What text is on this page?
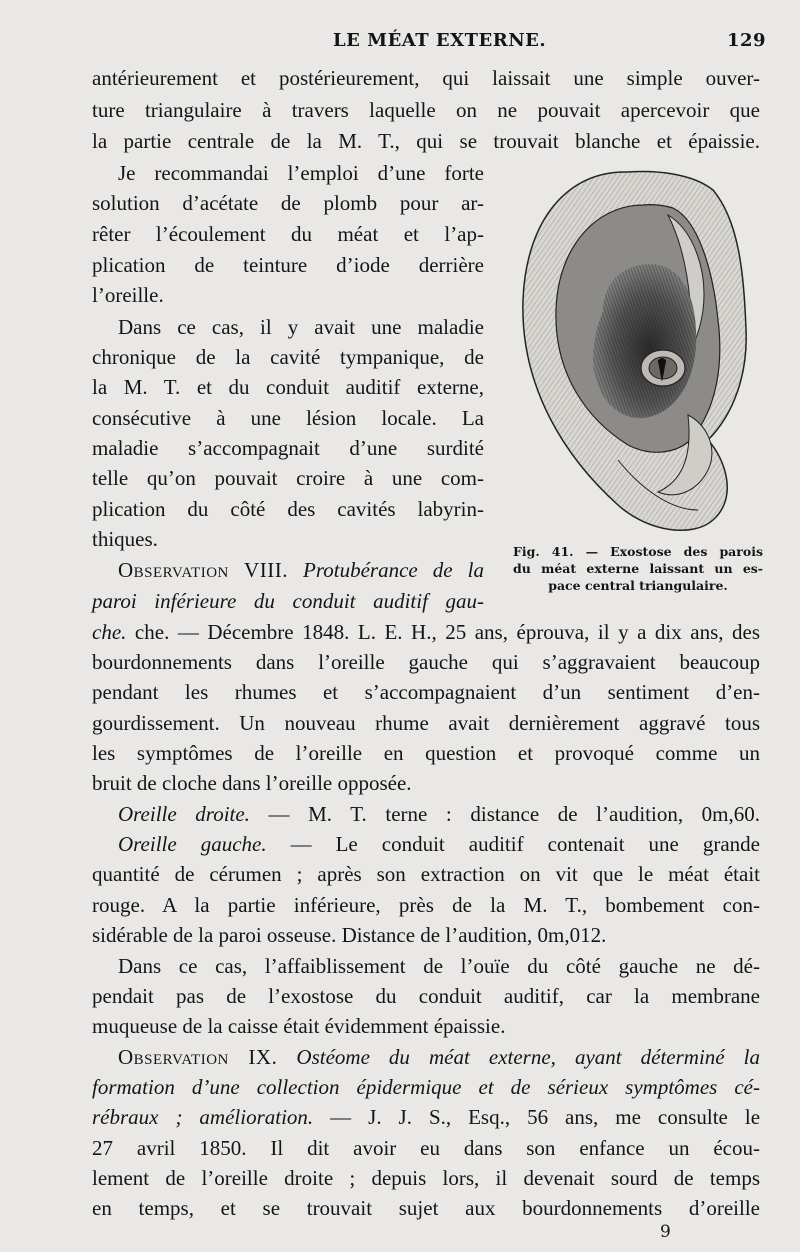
LE MÉAT EXTERNE.	129
antérieurement et postérieurement, qui laissait une simple ouver-
ture triangulaire à travers laquelle on ne pouvait apercevoir que
la partie centrale de la M. T., qui se trouvait blanche et épaissie.
Je recommandai l’emploi d’une forte
solution d’acétate de plomb pour ar-
rêter l’écoulement du méat et l’ap-
plication de teinture d’iode derrière
l’oreille.
Dans ce cas, il y avait une maladie
chronique de la cavité tympanique, de
la M. T. et du conduit auditif externe,
consécutive à une lésion locale. La
maladie s’accompagnait d’une surdité
telle qu’on pouvait croire à une com-
plication du côté des cavités labyrin-
thiques.
Observation VIII. Protubérance de la
paroi inférieure du conduit auditif gau-
che. che. — Décembre 1848. L. E. H., 25 ans, éprouva, il y a dix ans, des
bourdonnements dans l’oreille gauche qui s’aggravaient beaucoup
pendant les rhumes et s’accompagnaient d’un sentiment d’en-
gourdissement. Un nouveau rhume avait dernièrement aggravé tous
les symptômes de l’oreille en question et provoqué comme un
bruit de cloche dans l’oreille opposée.
Oreille droite. — M. T. terne : distance de l’audition, 0m,60.
Oreille gauche. — Le conduit auditif contenait une grande
quantité de cérumen ; après son extraction on vit que le méat était
rouge. A la partie inférieure, près de la M. T., bombement con-
sidérable de la paroi osseuse. Distance de l’audition, 0m,012.
Dans ce cas, l’affaiblissement de l’ouïe du côté gauche ne dé-
pendait pas de l’exostose du conduit auditif, car la membrane
muqueuse de la caisse était évidemment épaissie.
Observation IX. Ostéome du méat externe, ayant déterminé la
formation d’une collection épidermique et de sérieux symptômes cé-
rébraux ; amélioration. — J. J. S., Esq., 56 ans, me consulte le
27 avril 1850. Il dit avoir eu dans son enfance un écou-
lement de l’oreille droite ; depuis lors, il devenait sourd de temps
en temps, et se trouvait sujet aux bourdonnements d’oreille
Fig. 41. — Exostose des parois
du méat externe laissant un es-
pace central triangulaire.
9
